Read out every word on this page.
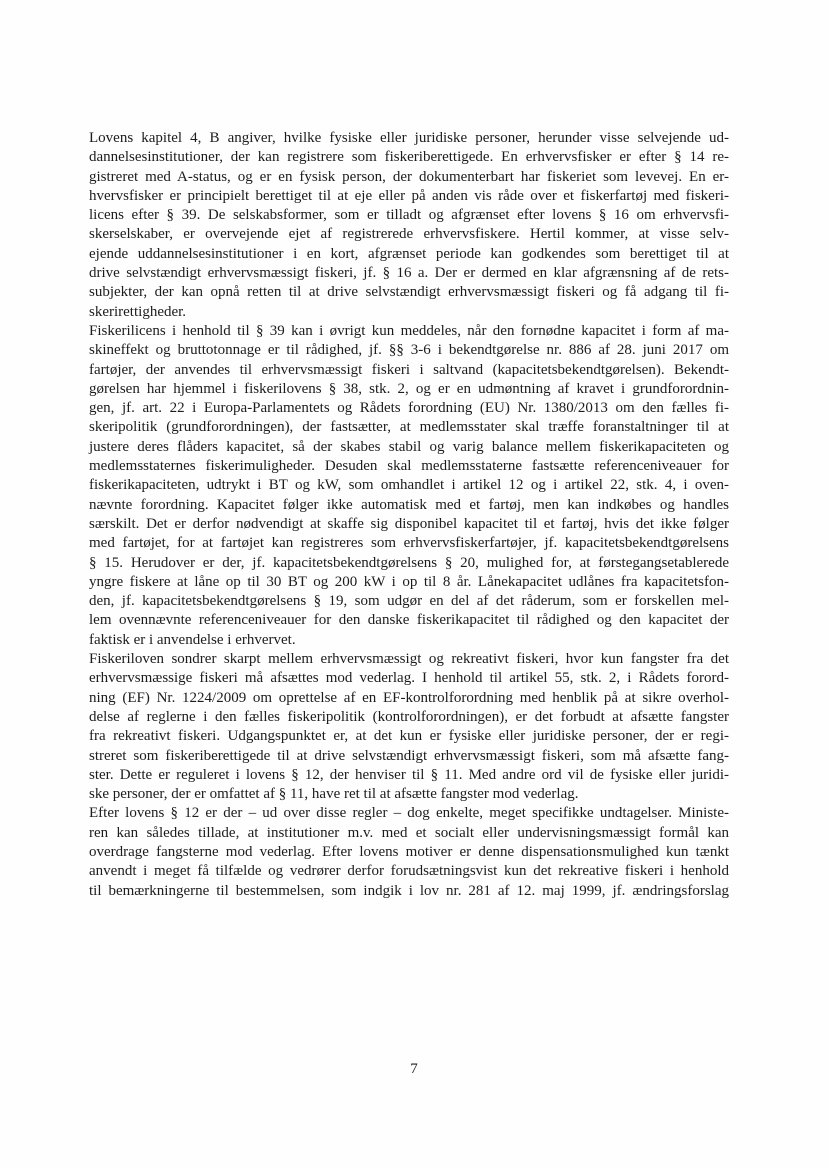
Lovens kapitel 4, B angiver, hvilke fysiske eller juridiske personer, herunder visse selvejende ud-
dannelsesinstitutioner, der kan registrere som fiskeriberettigede. En erhvervsfisker er efter § 14 re-
gistreret med A-status, og er en fysisk person, der dokumenterbart har fiskeriet som levevej. En er-
hvervsfisker er principielt berettiget til at eje eller på anden vis råde over et fiskerfartøj med fiskeri-
licens efter § 39. De selskabsformer, som er tilladt og afgrænset efter lovens § 16 om erhvervsfi-
skerselskaber, er overvejende ejet af registrerede erhvervsfiskere. Hertil kommer, at visse selv-
ejende uddannelsesinstitutioner i en kort, afgrænset periode kan godkendes som berettiget til at
drive selvstændigt erhvervsmæssigt fiskeri, jf. § 16 a. Der er dermed en klar afgrænsning af de rets-
subjekter, der kan opnå retten til at drive selvstændigt erhvervsmæssigt fiskeri og få adgang til fi-
skerirettigheder.

Fiskerilicens i henhold til § 39 kan i øvrigt kun meddeles, når den fornødne kapacitet i form af ma-
skineffekt og bruttotonnage er til rådighed, jf. §§ 3-6 i bekendtgørelse nr. 886 af 28. juni 2017 om
fartøjer, der anvendes til erhvervsmæssigt fiskeri i saltvand (kapacitetsbekendtgørelsen). Bekendt-
gørelsen har hjemmel i fiskerilovens § 38, stk. 2, og er en udmøntning af kravet i grundforordnin-
gen, jf. art. 22 i Europa-Parlamentets og Rådets forordning (EU) Nr. 1380/2013 om den fælles fi-
skeripolitik (grundforordningen), der fastsætter, at medlemsstater skal træffe foranstaltninger til at
justere deres flåders kapacitet, så der skabes stabil og varig balance mellem fiskerikapaciteten og
medlemsstaternes fiskerimuligheder. Desuden skal medlemsstaterne fastsætte referenceniveauer for
fiskerikapaciteten, udtrykt i BT og kW, som omhandlet i artikel 12 og i artikel 22, stk. 4, i oven-
nævnte forordning. Kapacitet følger ikke automatisk med et fartøj, men kan indkøbes og handles
særskilt. Det er derfor nødvendigt at skaffe sig disponibel kapacitet til et fartøj, hvis det ikke følger
med fartøjet, for at fartøjet kan registreres som erhvervsfiskerfartøjer, jf. kapacitetsbekendtgørelsens
§ 15. Herudover er der, jf. kapacitetsbekendtgørelsens § 20, mulighed for, at førstegangsetablerede
yngre fiskere at låne op til 30 BT og 200 kW i op til 8 år. Lånekapacitet udlånes fra kapacitetsfon-
den, jf. kapacitetsbekendtgørelsens § 19, som udgør en del af det råderum, som er forskellen mel-
lem ovennævnte referenceniveauer for den danske fiskerikapacitet til rådighed og den kapacitet der
faktisk er i anvendelse i erhvervet.

Fiskeriloven sondrer skarpt mellem erhvervsmæssigt og rekreativt fiskeri, hvor kun fangster fra det
erhvervsmæssige fiskeri må afsættes mod vederlag. I henhold til artikel 55, stk. 2, i Rådets forord-
ning (EF) Nr. 1224/2009 om oprettelse af en EF-kontrolforordning med henblik på at sikre overhol-
delse af reglerne i den fælles fiskeripolitik (kontrolforordningen), er det forbudt at afsætte fangster
fra rekreativt fiskeri. Udgangspunktet er, at det kun er fysiske eller juridiske personer, der er regi-
streret som fiskeriberettigede til at drive selvstændigt erhvervsmæssigt fiskeri, som må afsætte fang-
ster. Dette er reguleret i lovens § 12, der henviser til § 11. Med andre ord vil de fysiske eller juridi-
ske personer, der er omfattet af § 11, have ret til at afsætte fangster mod vederlag.

Efter lovens § 12 er der – ud over disse regler – dog enkelte, meget specifikke undtagelser. Ministe-
ren kan således tillade, at institutioner m.v. med et socialt eller undervisningsmæssigt formål kan
overdrage fangsterne mod vederlag. Efter lovens motiver er denne dispensationsmulighed kun tænkt
anvendt i meget få tilfælde og vedrører derfor forudsætningsvist kun det rekreative fiskeri i henhold
til bemærkningerne til bestemmelsen, som indgik i lov nr. 281 af 12. maj 1999, jf. ændringsforslag

7
